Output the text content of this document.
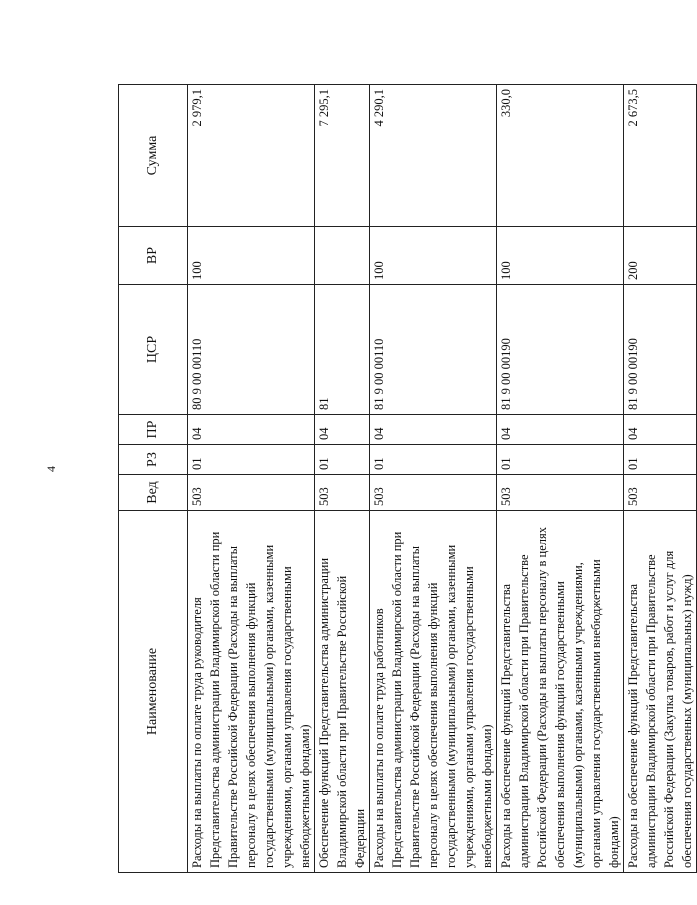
4
Наименование	Вед	РЗ	ПР	ЦСР	ВР	Сумма
Расходы на выплаты по оплате труда руководителя Представительства администрации Владимирской области при Правительстве Российской Федерации (Расходы на выплаты персоналу в целях обеспечения выполнения функций государственными (муниципальными) органами, казенными учреждениями, органами управления государственными внебюджетными фондами)	503	01	04	80 9 00 00110	100	2 979,1
Обеспечение функций Представительства администрации Владимирской области при Правительстве Российской Федерации	503	01	04	81		7 295,1
Расходы на выплаты по оплате труда работников Представительства администрации Владимирской области при Правительстве Российской Федерации (Расходы на выплаты персоналу в целях обеспечения выполнения функций государственными (муниципальными) органами, казенными учреждениями, органами управления государственными внебюджетными фондами)	503	01	04	81 9 00 00110	100	4 290,1
Расходы на обеспечение функций Представительства администрации Владимирской области при Правительстве Российской Федерации (Расходы на выплаты персоналу в целях обеспечения выполнения функций государственными (муниципальными) органами, казенными учреждениями, органами управления государственными внебюджетными фондами)	503	01	04	81 9 00 00190	100	330,0
Расходы на обеспечение функций Представительства администрации Владимирской области при Правительстве Российской Федерации (Закупка товаров, работ и услуг для обеспечения государственных (муниципальных) нужд)	503	01	04	81 9 00 00190	200	2 673,5
